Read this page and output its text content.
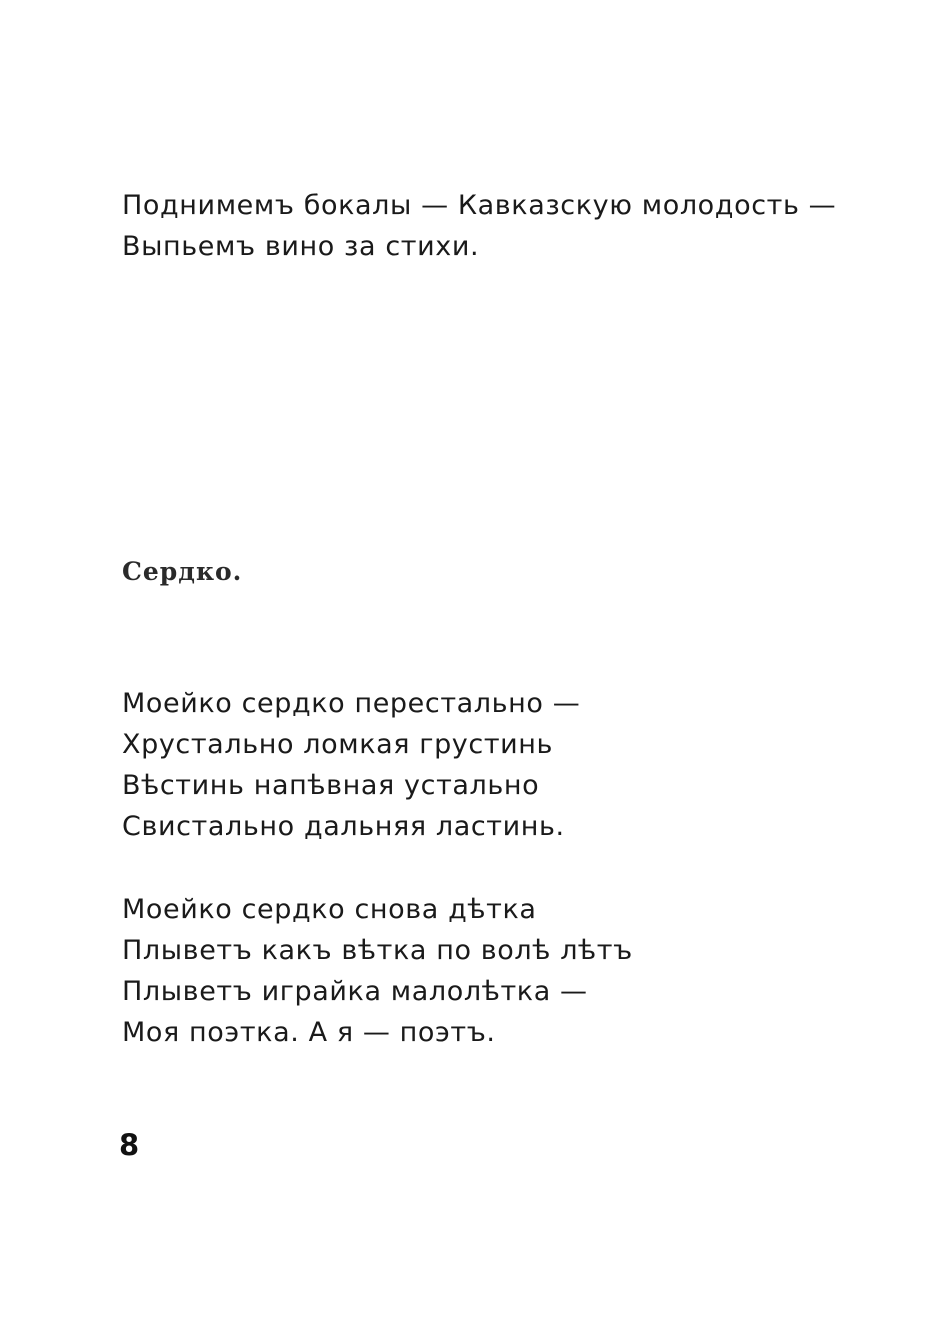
Поднимемъ бокалы — Кавказскую молодость —
Выпьемъ вино за стихи.
Сердко.
Моейко сердко перестально —
Хрустально ломкая грустинь
Вѣстинь напѣвная устально
Свистально дальняя ластинь.
Моейко сердко снова дѣтка
Плыветъ какъ вѣтка по волѣ лѣтъ
Плыветъ играйка малолѣтка —
Моя поэтка. А я — поэтъ.
8
